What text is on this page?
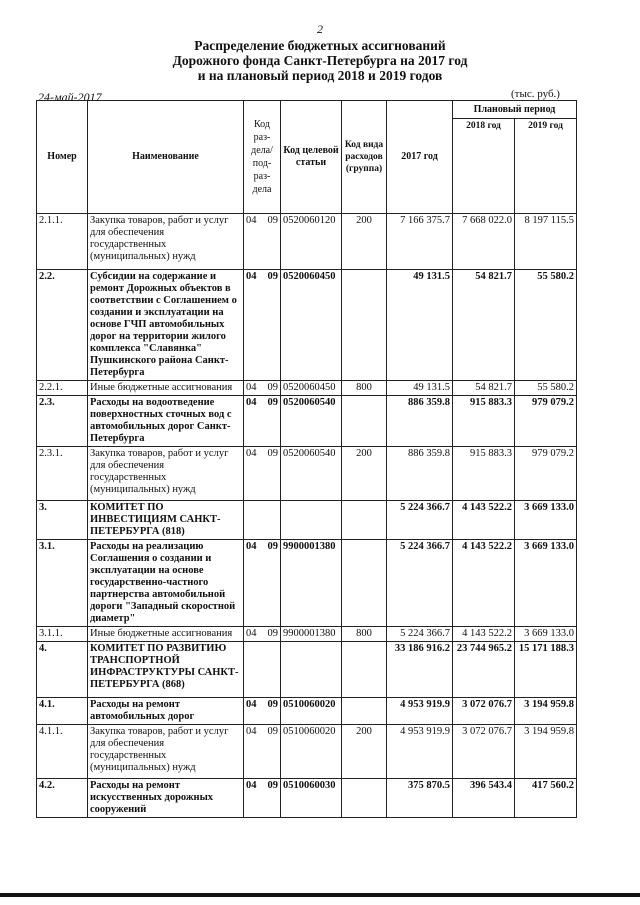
2
Распределение бюджетных ассигнований
Дорожного фонда Санкт-Петербурга на 2017 год
и на плановый период 2018 и 2019 годов
24-май-2017	(тыс. руб.)
Номер	Наименование	Код раз- дела/ под- раз- дела	Код целевой статьи	Код вида расходов (группа)	2017 год	Плановый период	
						2018 год	2019 год
2.1.1.	Закупка товаров, работ и услуг для обеспечения государственных (муниципальных) нужд	04 09	0520060120	200	7 166 375.7	7 668 022.0	8 197 115.5
2.2.	Субсидии на содержание и ремонт Дорожных объектов в соответствии с Соглашением о создании и эксплуатации на основе ГЧП автомобильных дорог на территории жилого комплекса "Славянка" Пушкинского района Санкт-Петербурга	04 09	0520060450		49 131.5	54 821.7	55 580.2
2.2.1.	Иные бюджетные ассигнования	04 09	0520060450	800	49 131.5	54 821.7	55 580.2
2.3.	Расходы на водоотведение поверхностных сточных вод с автомобильных дорог Санкт-Петербурга	04 09	0520060540		886 359.8	915 883.3	979 079.2
2.3.1.	Закупка товаров, работ и услуг для обеспечения государственных (муниципальных) нужд	04 09	0520060540	200	886 359.8	915 883.3	979 079.2
3.	КОМИТЕТ ПО ИНВЕСТИЦИЯМ САНКТ-ПЕТЕРБУРГА (818)				5 224 366.7	4 143 522.2	3 669 133.0
3.1.	Расходы на реализацию Соглашения о создании и эксплуатации на основе государственно-частного партнерства автомобильной дороги "Западный скоростной диаметр"	04 09	9900001380		5 224 366.7	4 143 522.2	3 669 133.0
3.1.1.	Иные бюджетные ассигнования	04 09	9900001380	800	5 224 366.7	4 143 522.2	3 669 133.0
4.	КОМИТЕТ ПО РАЗВИТИЮ ТРАНСПОРТНОЙ ИНФРАСТРУКТУРЫ САНКТ-ПЕТЕРБУРГА (868)				33 186 916.2	23 744 965.2	15 171 188.3
4.1.	Расходы на ремонт автомобильных дорог	04 09	0510060020		4 953 919.9	3 072 076.7	3 194 959.8
4.1.1.	Закупка товаров, работ и услуг для обеспечения государственных (муниципальных) нужд	04 09	0510060020	200	4 953 919.9	3 072 076.7	3 194 959.8
4.2.	Расходы на ремонт искусственных дорожных сооружений	04 09	0510060030		375 870.5	396 543.4	417 560.2
